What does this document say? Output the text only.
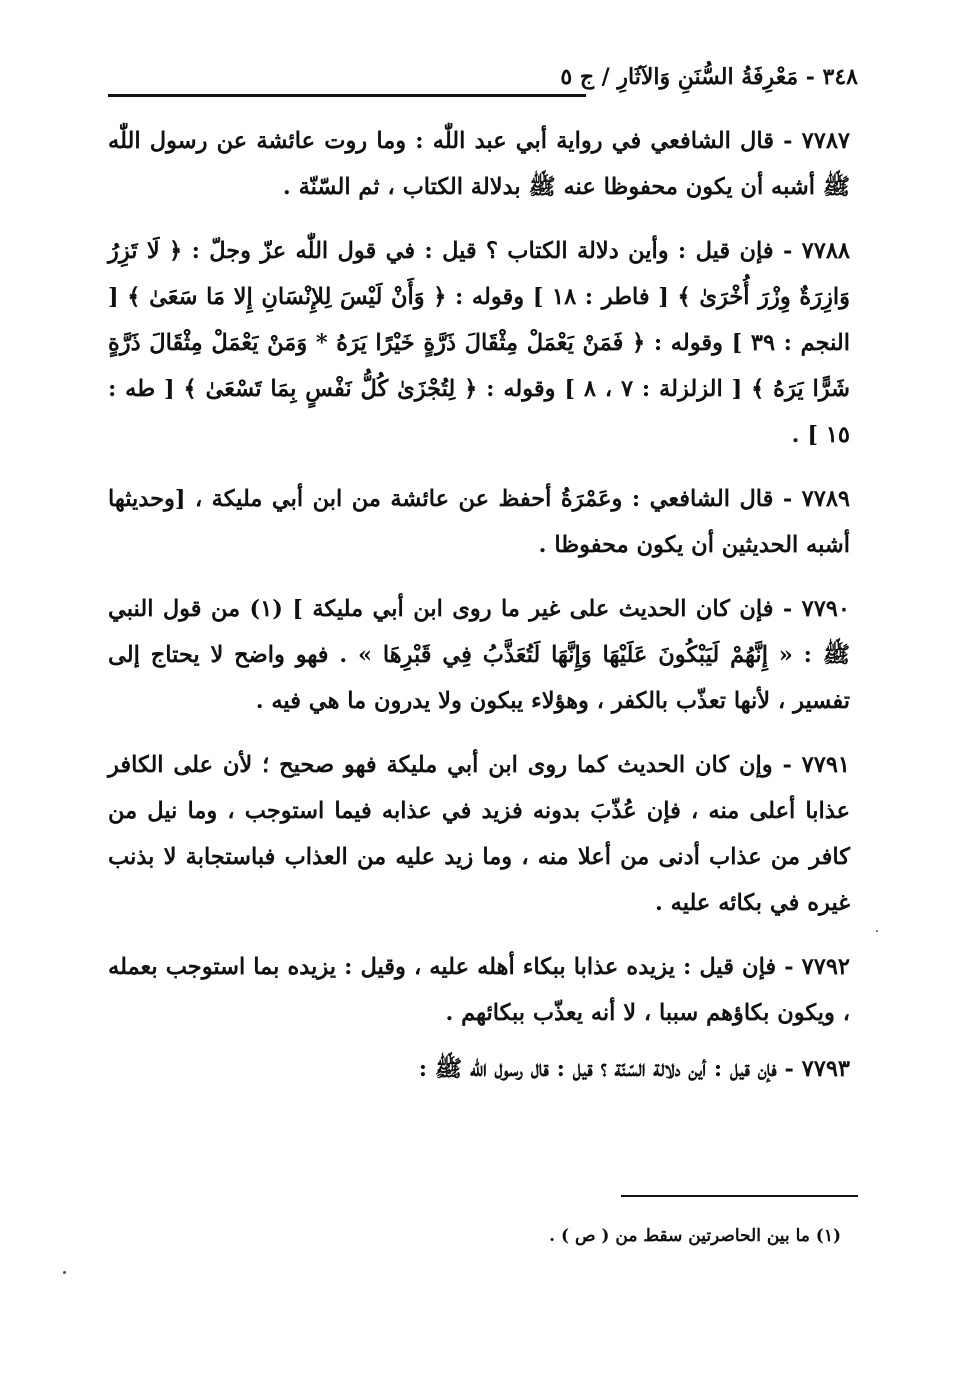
٣٤٨ - مَعْرِفَةُ السُّنَنِ وَالآثَارِ / ج ٥

٧٧٨٧ - قال الشافعي في رواية أبي عبد اللّٰه : وما روت عائشة عن رسول اللّٰه ﷺ أشبه أن يكون محفوظا عنه ﷺ بدلالة الكتاب ، ثم السّنّة .

٧٧٨٨ - فإن قيل : وأين دلالة الكتاب ؟ قيل : في قول اللّٰه عزّ وجلّ : ﴿ لَا تَزِرُ وَازِرَةٌ وِزْرَ أُخْرَىٰ ﴾ [ فاطر : ١٨ ] وقوله : ﴿ وَأَنْ لَيْسَ لِلإِنْسَانِ إِلا مَا سَعَىٰ ﴾ [ النجم : ٣٩ ] وقوله : ﴿ فَمَنْ يَعْمَلْ مِثْقَالَ ذَرَّةٍ خَيْرًا يَرَهُ * وَمَنْ يَعْمَلْ مِثْقَالَ ذَرَّةٍ شَرًّا يَرَهُ ﴾ [ الزلزلة : ٧ ، ٨ ] وقوله : ﴿ لِتُجْزَىٰ كُلُّ نَفْسٍ بِمَا تَسْعَىٰ ﴾ [ طه : ١٥ ] .

٧٧٨٩ - قال الشافعي : وعَمْرَةُ أحفظ عن عائشة من ابن أبي مليكة ، [وحديثها أشبه الحديثين أن يكون محفوظا .

٧٧٩٠ - فإن كان الحديث على غير ما روى ابن أبي مليكة ] (١) من قول النبي ﷺ : « إِنَّهُمْ لَيَبْكُونَ عَلَيْهَا وَإِنَّهَا لَتُعَذَّبُ فِي قَبْرِهَا » . فهو واضح لا يحتاج إلى تفسير ، لأنها تعذّب بالكفر ، وهؤلاء يبكون ولا يدرون ما هي فيه .

٧٧٩١ - وإن كان الحديث كما روى ابن أبي مليكة فهو صحيح ؛ لأن على الكافر عذابا أعلى منه ، فإن عُذّبَ بدونه فزيد في عذابه فيما استوجب ، وما نيل من كافر من عذاب أدنى من أعلا منه ، وما زيد عليه من العذاب فباستجابة لا بذنب غيره في بكائه عليه .

٧٧٩٢ - فإن قيل : يزيده عذابا ببكاء أهله عليه ، وقيل : يزيده بما استوجب بعمله ، ويكون بكاؤهم سببا ، لا أنه يعذّب ببكائهم .

٧٧٩٣ - فإن قيل : أين دلالة السّنّة ؟ قيل : قال رسول اللّٰه ﷺ :

(١) ما بين الحاصرتين سقط من ( ص ) .
